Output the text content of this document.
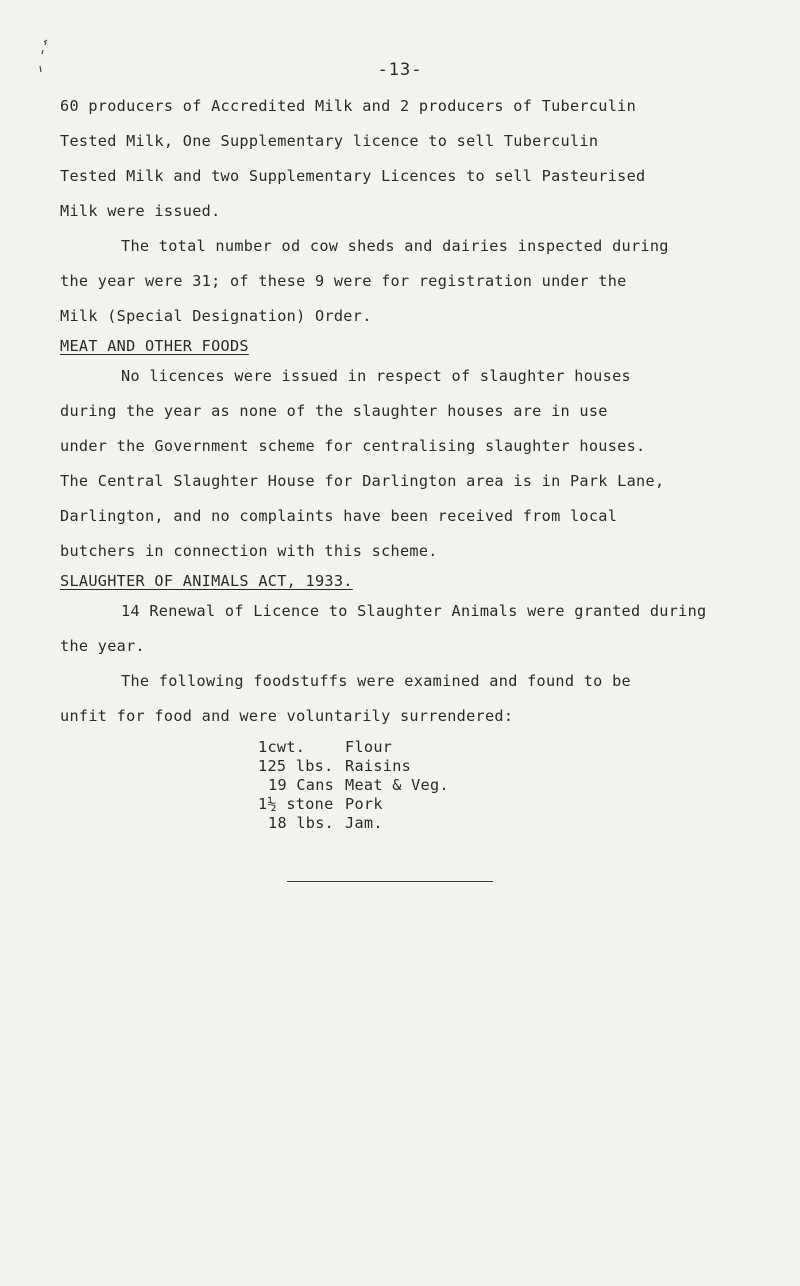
-13-
60 producers of Accredited Milk and 2 producers of Tuberculin
Tested Milk, One Supplementary licence to sell Tuberculin
Tested Milk and two Supplementary Licences to sell Pasteurised
Milk were issued.
The total number od cow sheds and dairies inspected during
the year were 31; of these 9 were for registration under the
Milk (Special Designation) Order.
MEAT AND OTHER FOODS
No licences were issued in respect of slaughter houses
during the year as none of the slaughter houses are in use
under the Government scheme for centralising slaughter houses.
The Central Slaughter House for Darlington area is in Park Lane,
Darlington, and no complaints have been received from local
butchers in connection with this scheme.
SLAUGHTER OF ANIMALS ACT, 1933.
14 Renewal of Licence to Slaughter Animals were granted during
the year.
The following foodstuffs were examined and found to be
unfit for food and were voluntarily surrendered:
1cwt.	Flour
125 lbs. Raisins
19 Cans Meat & Veg.
1½ stone Pork
18 lbs. Jam.
